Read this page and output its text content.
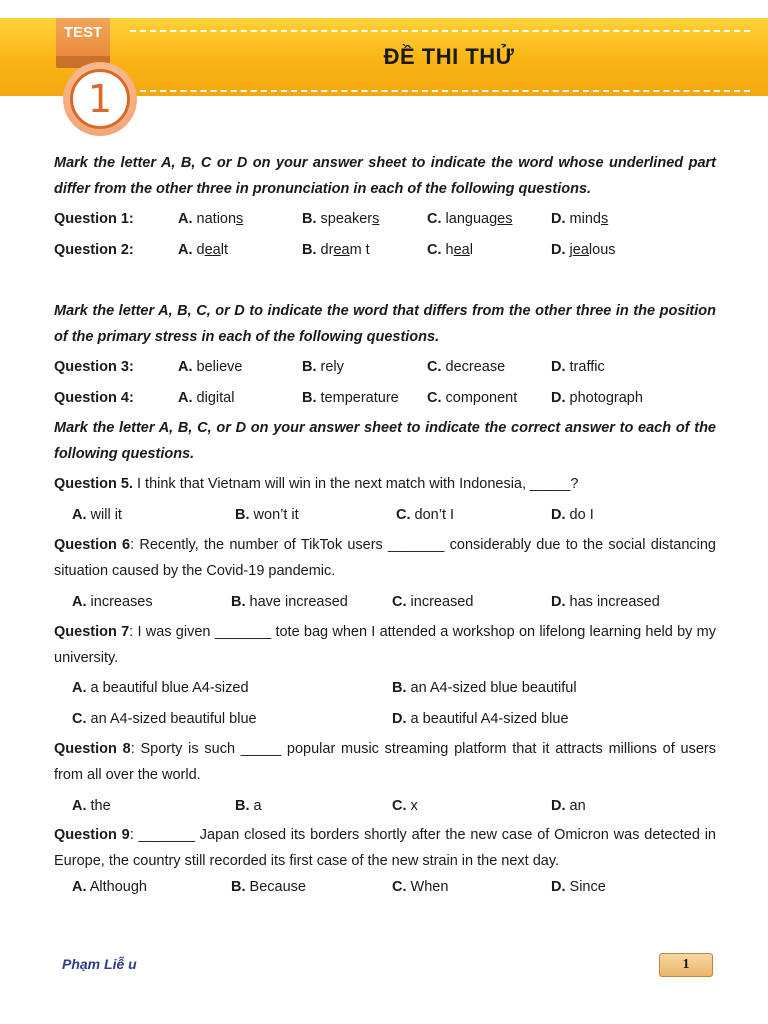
ĐỀ THI THỬ
TEST
1
Mark the letter A, B, C or D on your answer sheet to indicate the word whose underlined part differ from the other three in pronunciation in each of the following questions.
Question 1:	A. nations	B. speakers	C. languages	D. minds
Question 2:	A. dealt	B. dream t	C. heal	D. jealous
Mark the letter A, B, C, or D to indicate the word that differs from the other three in the position of the primary stress in each of the following questions.
Question 3:	A. believe	B. rely	C. decrease	D. traffic
Question 4:	A. digital	B. temperature C. component D. photograph
Mark the letter A, B, C, or D on your answer sheet to indicate the correct answer to each of the following questions.
Question 5. I think that Vietnam will win in the next match with Indonesia, _____?
A. will it	B. won’t it	C. don’t I	D. do I
Question 6: Recently, the number of TikTok users _______ considerably due to the social distancing situation caused by the Covid-19 pandemic.
A. increases	B. have increased	C. increased	D. has increased
Question 7: I was given _______ tote bag when I attended a workshop on lifelong learning held by my university.
A. a beautiful blue A4-sized	B. an A4-sized blue beautiful
C. an A4-sized beautiful blue	D. a beautiful A4-sized blue
Question 8: Sporty is such _____ popular music streaming platform that it attracts millions of users from all over the world.
A. the	B. a	C. x	D. an
Question 9: _______ Japan closed its borders shortly after the new case of Omicron was detected in Europe, the country still recorded its first case of the new strain in the next day.
A. Although	B. Because	C. When	D. Since
Phạm Liễ u	1
